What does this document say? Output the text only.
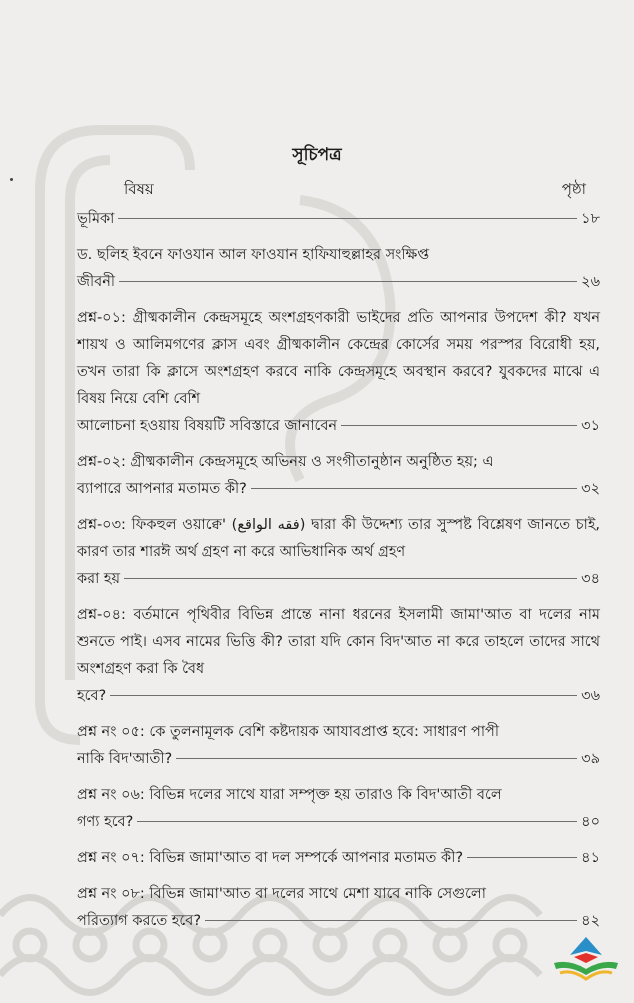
সূচিপত্র
বিষয়	পৃষ্ঠা
ভূমিকা	১৮
ড. ছলিহ ইবনে ফাওযান আল ফাওযান হাফিযাহুল্লাহর সংক্ষিপ্ত
জীবনী	২৬
প্রশ্ন-০১: গ্রীষ্মকালীন কেন্দ্রসমূহে অংশগ্রহণকারী ভাইদের প্রতি আপনার উপদেশ কী? যখন শায়খ ও আলিমগণের ক্লাস এবং গ্রীষ্মকালীন কেন্দ্রের কোর্সের সময় পরস্পর বিরোধী হয়, তখন তারা কি ক্লাসে অংশগ্রহণ করবে নাকি কেন্দ্রসমূহে অবস্থান করবে? যুবকদের মাঝে এ বিষয় নিয়ে বেশি বেশি
আলোচনা হওয়ায় বিষয়টি সবিস্তারে জানাবেন	৩১
প্রশ্ন-০২: গ্রীষ্মকালীন কেন্দ্রসমূহে অভিনয় ও সংগীতানুষ্ঠান অনুষ্ঠিত হয়; এ
ব্যাপারে আপনার মতামত কী?	৩২
প্রশ্ন-০৩: ফিকহুল ওয়াক্বে' (فقه الواقع) দ্বারা কী উদ্দেশ্য তার সুস্পষ্ট বিশ্লেষণ জানতে চাই, কারণ তার শারঈ অর্থ গ্রহণ না করে আভিধানিক অর্থ গ্রহণ
করা হয়	৩৪
প্রশ্ন-০৪: বর্তমানে পৃথিবীর বিভিন্ন প্রান্তে নানা ধরনের ইসলামী জামা'আত বা দলের নাম শুনতে পাই। এসব নামের ভিত্তি কী? তারা যদি কোন বিদ'আত না করে তাহলে তাদের সাথে অংশগ্রহণ করা কি বৈধ
হবে?	৩৬
প্রশ্ন নং ০৫: কে তুলনামূলক বেশি কষ্টদায়ক আযাবপ্রাপ্ত হবে: সাধারণ পাপী
নাকি বিদ'আতী?	৩৯
প্রশ্ন নং ০৬: বিভিন্ন দলের সাথে যারা সম্পৃক্ত হয় তারাও কি বিদ'আতী বলে
গণ্য হবে?	৪০
প্রশ্ন নং ০৭: বিভিন্ন জামা'আত বা দল সম্পর্কে আপনার মতামত কী?	৪১
প্রশ্ন নং ০৮: বিভিন্ন জামা'আত বা দলের সাথে মেশা যাবে নাকি সেগুলো
পরিত্যাগ করতে হবে?	৪২
